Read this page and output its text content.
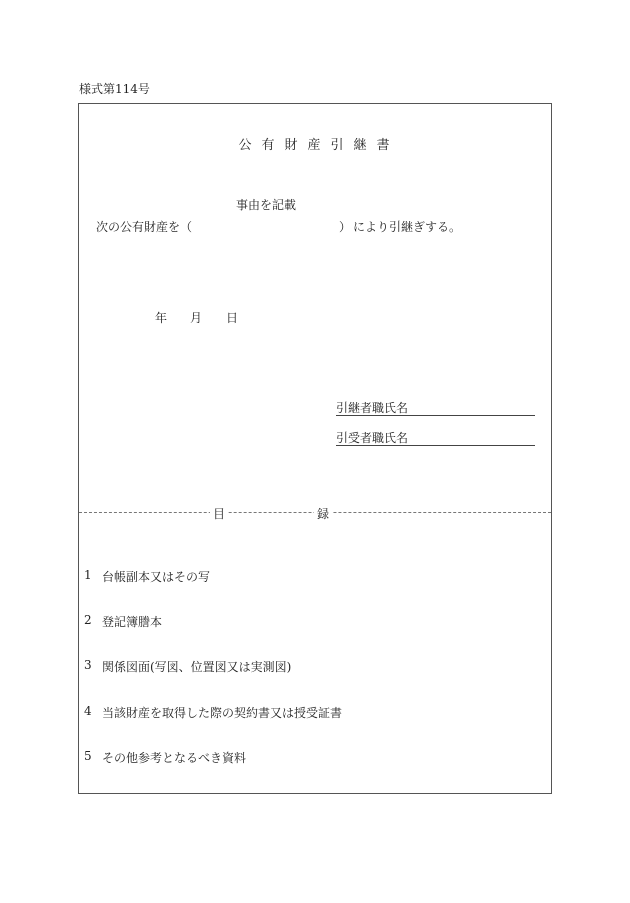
様式第114号
公有財産引継書
事由を記載
次の公有財産を （	） により引継ぎする。
年 月 日
引継者職氏名
引受者職氏名
目	録
1 台帳副本又はその写
2 登記簿謄本
3 関係図面(写図、位置図又は実測図)
4 当該財産を取得した際の契約書又は授受証書
5 その他参考となるべき資料
